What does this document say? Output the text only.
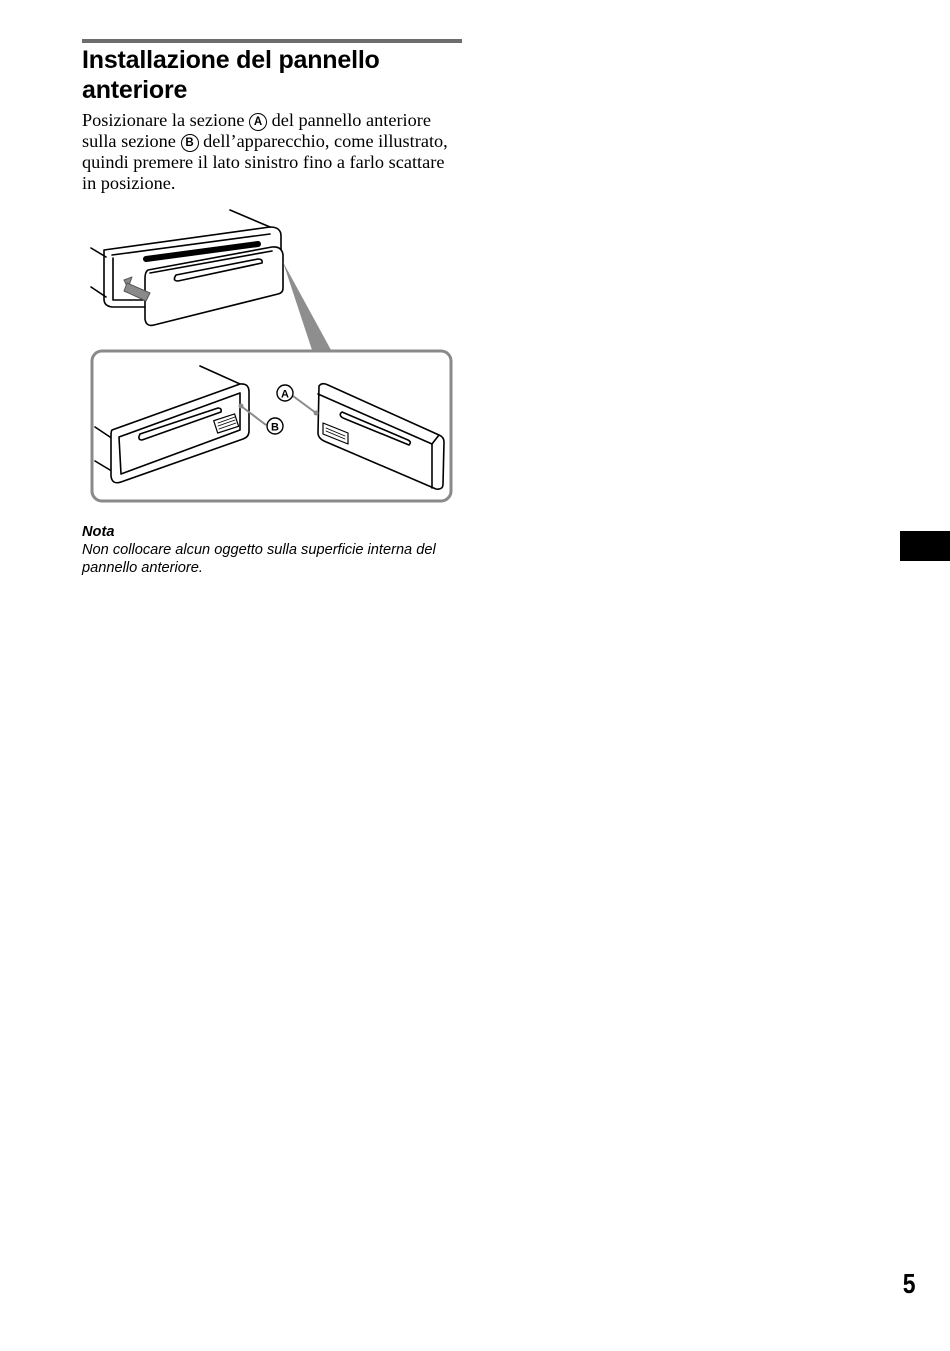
Installazione del pannello anteriore

Posizionare la sezione A del pannello anteriore sulla sezione B dell’apparecchio, come illustrato, quindi premere il lato sinistro fino a farlo scattare in posizione.

A
B
Nota
Non collocare alcun oggetto sulla superficie interna del pannello anteriore.
5
